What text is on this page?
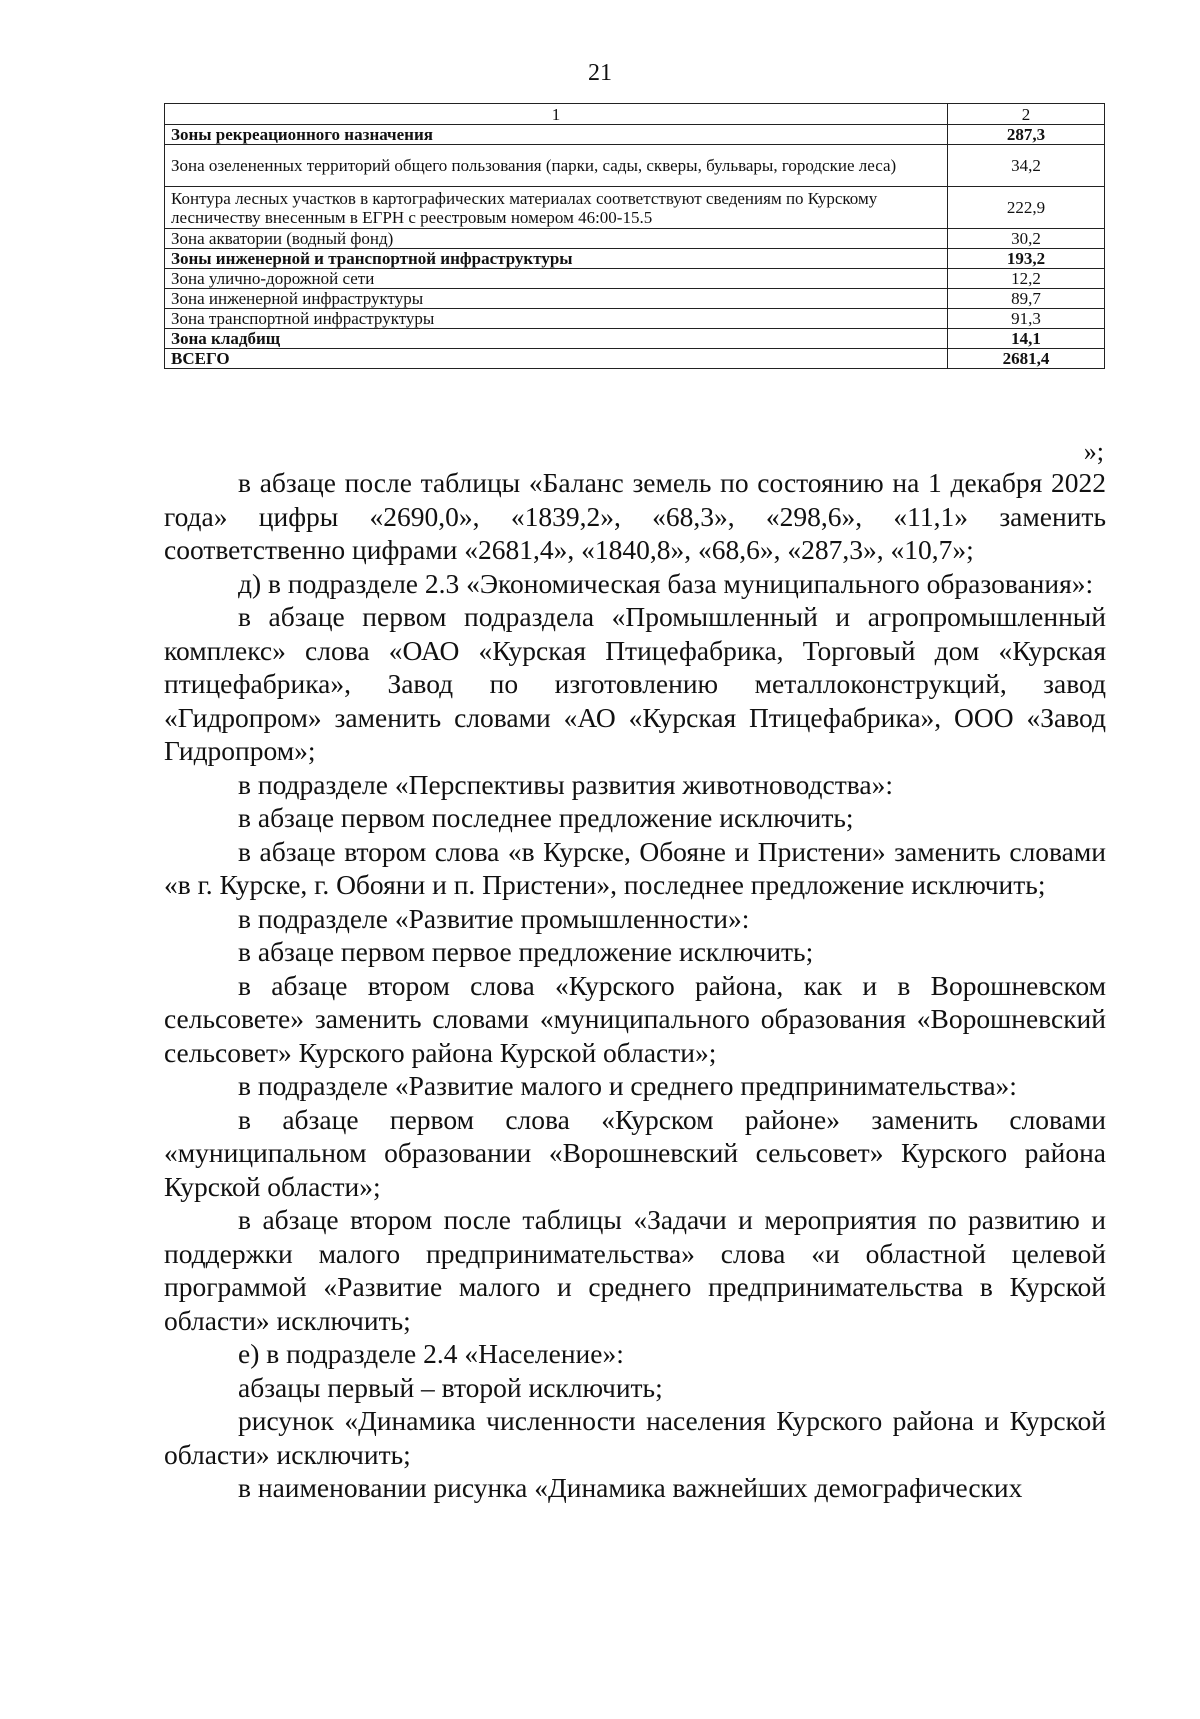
21
1	2
Зоны рекреационного назначения	287,3
Зона озелененных территорий общего пользования (парки, сады, скверы, бульвары, городские леса)	34,2
Контура лесных участков в картографических материалах соответствуют сведениям по Курскому лесничеству внесенным в ЕГРН с реестровым номером 46:00-15.5	222,9
Зона акватории (водный фонд)	30,2
Зоны инженерной и транспортной инфраструктуры	193,2
Зона улично-дорожной сети	12,2
Зона инженерной инфраструктуры	89,7
Зона транспортной инфраструктуры	91,3
Зона кладбищ	14,1
ВСЕГО	2681,4
»;

в абзаце после таблицы «Баланс земель по состоянию на 1 декабря 2022 года» цифры «2690,0», «1839,2», «68,3», «298,6», «11,1» заменить соответственно цифрами «2681,4», «1840,8», «68,6», «287,3», «10,7»;

д) в подразделе 2.3 «Экономическая база муниципального образования»:

в абзаце первом подраздела «Промышленный и агропромышленный комплекс» слова «ОАО «Курская Птицефабрика, Торговый дом «Курская птицефабрика», Завод по изготовлению металлоконструкций, завод «Гидропром» заменить словами «АО «Курская Птицефабрика», ООО «Завод Гидропром»;

в подразделе «Перспективы развития животноводства»:

в абзаце первом последнее предложение исключить;

в абзаце втором слова «в Курске, Обояне и Пристени» заменить словами «в г. Курске, г. Обояни и п. Пристени», последнее предложение исключить;

в подразделе «Развитие промышленности»:

в абзаце первом первое предложение исключить;

в абзаце втором слова «Курского района, как и в Ворошневском сельсовете» заменить словами «муниципального образования «Ворошневский сельсовет» Курского района Курской области»;

в подразделе «Развитие малого и среднего предпринимательства»:

в абзаце первом слова «Курском районе» заменить словами «муниципальном образовании «Ворошневский сельсовет» Курского района Курской области»;

в абзаце втором после таблицы «Задачи и мероприятия по развитию и поддержки малого предпринимательства» слова «и областной целевой программой «Развитие малого и среднего предпринимательства в Курской области» исключить;

е) в подразделе 2.4 «Население»:

абзацы первый – второй исключить;

рисунок «Динамика численности населения Курского района и Курской области» исключить;

в наименовании рисунка «Динамика важнейших демографических
